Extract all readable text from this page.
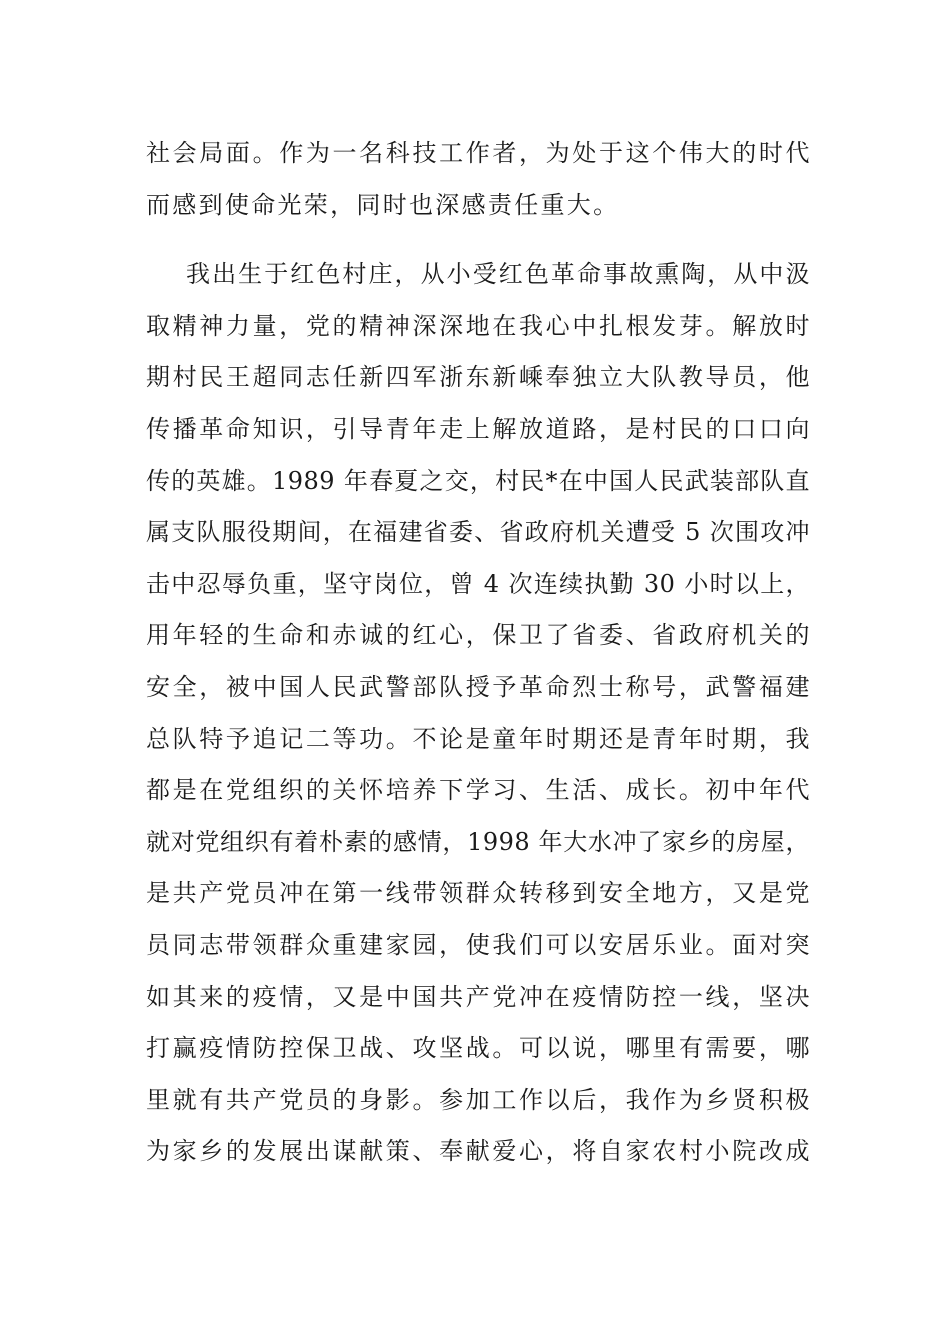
社会局面。作为一名科技工作者，为处于这个伟大的时代
而感到使命光荣，同时也深感责任重大。
我出生于红色村庄，从小受红色革命事故熏陶，从中汲
取精神力量，党的精神深深地在我心中扎根发芽。解放时
期村民王超同志任新四军浙东新嵊奉独立大队教导员，他
传播革命知识，引导青年走上解放道路，是村民的口口向
传的英雄。1989 年春夏之交，村民*在中国人民武装部队直
属支队服役期间，在福建省委、省政府机关遭受 5 次围攻冲
击中忍辱负重，坚守岗位，曾 4 次连续执勤 30 小时以上，
用年轻的生命和赤诚的红心，保卫了省委、省政府机关的
安全，被中国人民武警部队授予革命烈士称号，武警福建
总队特予追记二等功。不论是童年时期还是青年时期，我
都是在党组织的关怀培养下学习、生活、成长。初中年代
就对党组织有着朴素的感情，1998 年大水冲了家乡的房屋，
是共产党员冲在第一线带领群众转移到安全地方，又是党
员同志带领群众重建家园，使我们可以安居乐业。面对突
如其来的疫情，又是中国共产党冲在疫情防控一线，坚决
打赢疫情防控保卫战、攻坚战。可以说，哪里有需要，哪
里就有共产党员的身影。参加工作以后，我作为乡贤积极
为家乡的发展出谋献策、奉献爱心，将自家农村小院改成
